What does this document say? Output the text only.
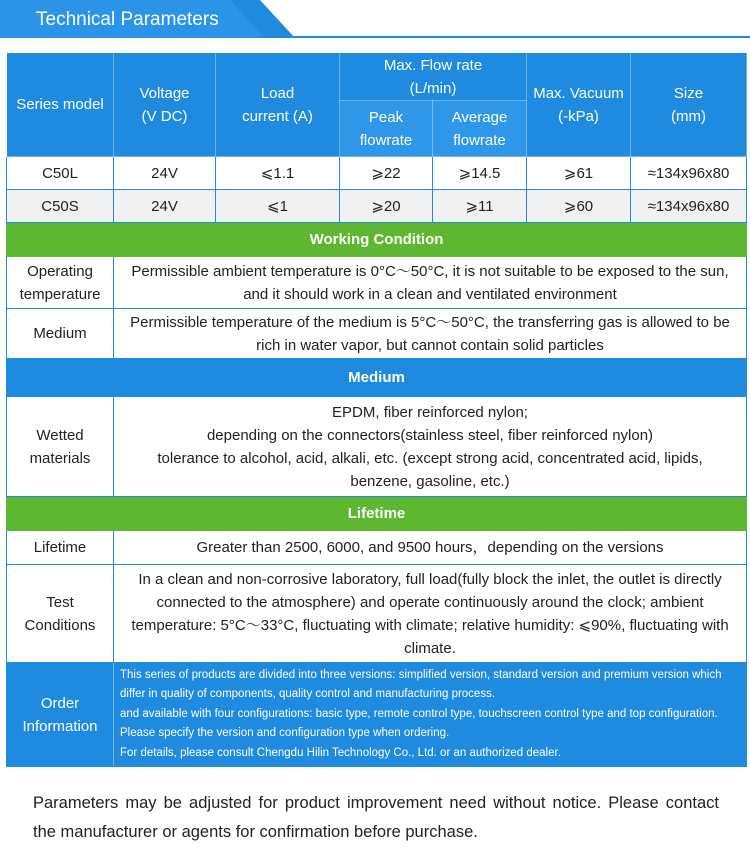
Technical Parameters
Series model	Voltage (V DC)	Load current (A)	Max. Flow rate (L/min)		Max. Vacuum (-kPa)	Size (mm)
			Peak flowrate	Average flowrate		
C50L	24V	⩽1.1	⩾22	⩾14.5	⩾61	≈134x96x80
C50S	24V	⩽1	⩾20	⩾11	⩾60	≈134x96x80
Working Condition						
Operating temperature	Permissible ambient temperature is 0°C～50°C, it is not suitable to be exposed to the sun, and it should work in a clean and ventilated environment					
Medium	Permissible temperature of the medium is 5°C～50°C, the transferring gas is allowed to be rich in water vapor, but cannot contain solid particles					
Medium						
Wetted materials	EPDM, fiber reinforced nylon;
depending on the connectors(stainless steel, fiber reinforced nylon)
tolerance to alcohol, acid, alkali, etc. (except strong acid, concentrated acid, lipids, benzene, gasoline, etc.)					

Lifetime						
Lifetime	Greater than 2500, 6000, and 9500 hours，depending on the versions					
Test Conditions	In a clean and non-corrosive laboratory, full load(fully block the inlet, the outlet is directly connected to the atmosphere) and operate continuously around the clock; ambient temperature: 5°C～33°C, fluctuating with climate; relative humidity: ⩽90%, fluctuating with climate.					
Order Information	This series of products are divided into three versions: simplified version, standard version and premium version which differ in quality of components, quality control and manufacturing process.
and available with four configurations: basic type, remote control type, touchscreen control type and top configuration. Please specify the version and configuration type when ordering.
For details, please consult Chengdu Hilin Technology Co., Ltd. or an authorized dealer.					
Parameters may be adjusted for product improvement need without notice. Please contact the manufacturer or agents for confirmation before purchase.
